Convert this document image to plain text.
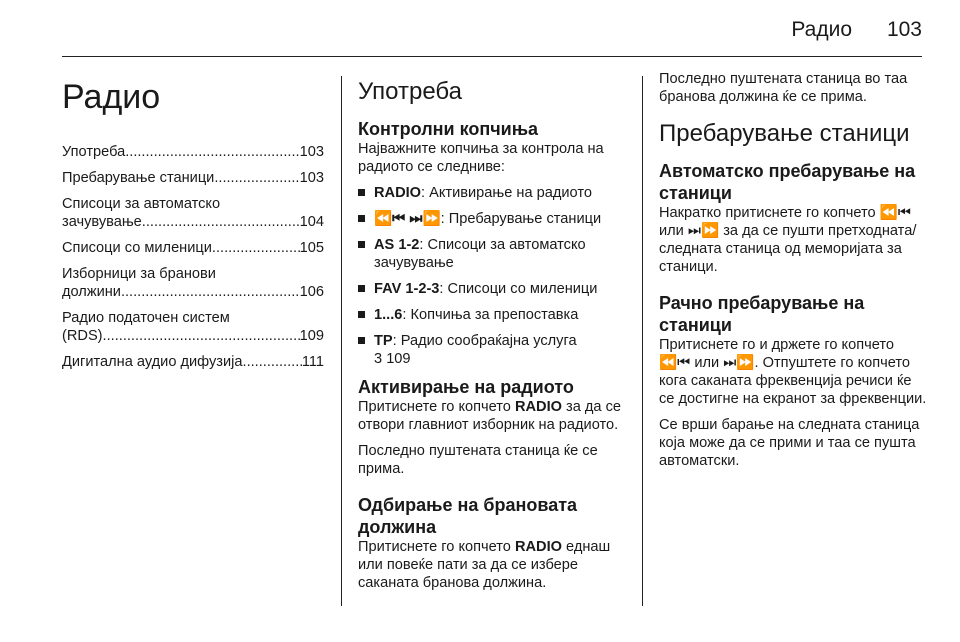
Радио 103
Радио
Употреба .....	103
Пребарување станици .....	103
Списоци за автоматско
зачувување .....	104
Списоци со миленици .....	105
Изборници за бранови
должини .....	106
Радио податочен систем
(RDS) .....	109
Дигитална аудио дифузија .....	111
Употреба
Контролни копчиња

Најважните копчиња за контрола на радиото се следниве:

RADIO: Активирање на радиото
⏪⏮ ⏭⏩: Пребарување станици
AS 1-2: Списоци за автоматско зачувување
FAV 1-2-3: Списоци со миленици
1...6: Копчиња за препоставка
TP: Радио сообраќајна услуга
3 109
Активирање на радиото

Притиснете го копчето RADIO за да се отвори главниот изборник на радиото.

Последно пуштената станица ќе се прима.

Одбирање на брановата должина

Притиснете го копчето RADIO еднаш или повеќе пати за да се избере саканата бранова должина.

Последно пуштената станица во таа бранова должина ќе се прима.

Пребарување станици
Автоматско пребарување на станици

Накратко притиснете го копчето ⏪⏮ или ⏭⏩ за да се пушти претходната/следната станица од меморијата за станици.

Рачно пребарување на станици

Притиснете го и држете го копчето ⏪⏮ или ⏭⏩. Отпуштете го копчето кога саканата фреквенција речиси ќе се достигне на екранот за фреквенции.

Се врши барање на следната станица која може да се прими и таа се пушта автоматски.
